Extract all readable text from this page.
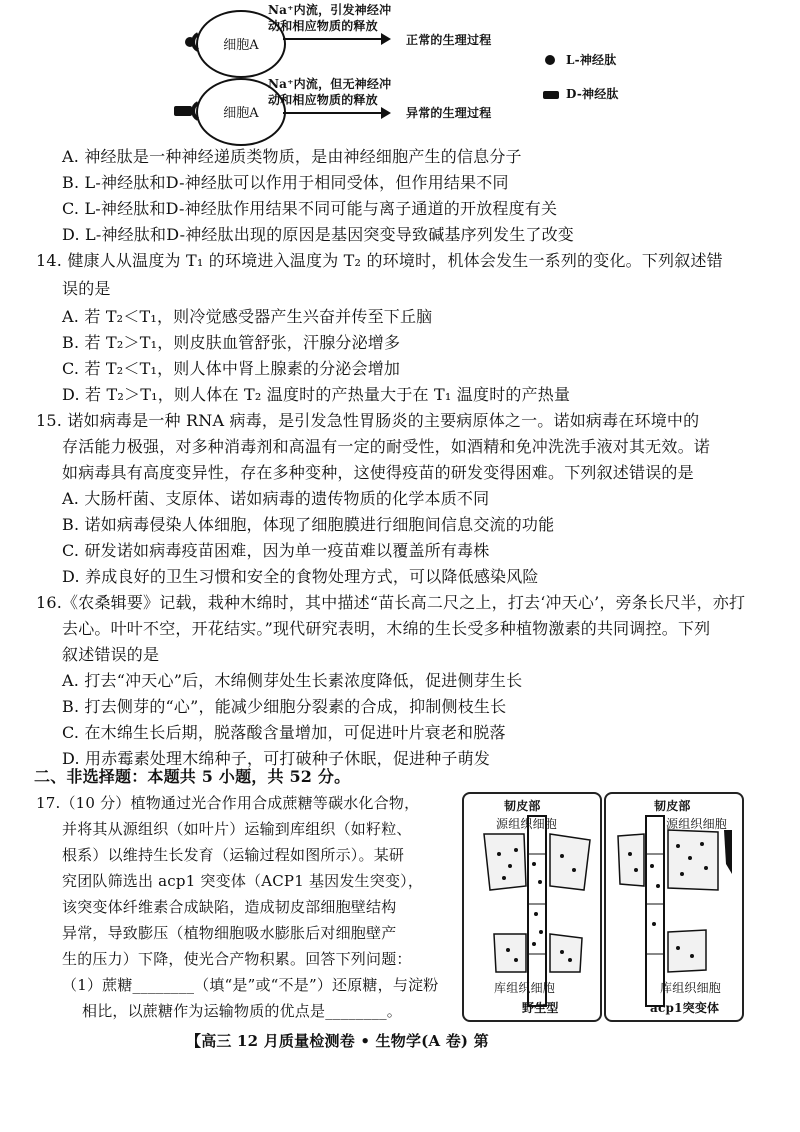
细胞A
Na⁺内流，引发神经冲
动和相应物质的释放
正常的生理过程
细胞A
Na⁺内流，但无神经冲
动和相应物质的释放
异常的生理过程
L-神经肽
D-神经肽
A. 神经肽是一种神经递质类物质，是由神经细胞产生的信息分子
B. L-神经肽和D-神经肽可以作用于相同受体，但作用结果不同
C. L-神经肽和D-神经肽作用结果不同可能与离子通道的开放程度有关
D. L-神经肽和D-神经肽出现的原因是基因突变导致碱基序列发生了改变
14. 健康人从温度为 T₁ 的环境进入温度为 T₂ 的环境时，机体会发生一系列的变化。下列叙述错
误的是
A. 若 T₂＜T₁，则冷觉感受器产生兴奋并传至下丘脑
B. 若 T₂＞T₁，则皮肤血管舒张，汗腺分泌增多
C. 若 T₂＜T₁，则人体中肾上腺素的分泌会增加
D. 若 T₂＞T₁，则人体在 T₂ 温度时的产热量大于在 T₁ 温度时的产热量
15. 诺如病毒是一种 RNA 病毒，是引发急性胃肠炎的主要病原体之一。诺如病毒在环境中的
存活能力极强，对多种消毒剂和高温有一定的耐受性，如酒精和免冲洗洗手液对其无效。诺
如病毒具有高度变异性，存在多种变种，这使得疫苗的研发变得困难。下列叙述错误的是
A. 大肠杆菌、支原体、诺如病毒的遗传物质的化学本质不同
B. 诺如病毒侵染人体细胞，体现了细胞膜进行细胞间信息交流的功能
C. 研发诺如病毒疫苗困难，因为单一疫苗难以覆盖所有毒株
D. 养成良好的卫生习惯和安全的食物处理方式，可以降低感染风险
16.《农桑辑要》记载，栽种木绵时，其中描述“苗长高二尺之上，打去‘冲天心’，旁条长尺半，亦打
去心。叶叶不空，开花结实。”现代研究表明，木绵的生长受多种植物激素的共同调控。下列
叙述错误的是
A. 打去“冲天心”后，木绵侧芽处生长素浓度降低，促进侧芽生长
B. 打去侧芽的“心”，能减少细胞分裂素的合成，抑制侧枝生长
C. 在木绵生长后期，脱落酸含量增加，可促进叶片衰老和脱落
D. 用赤霉素处理木绵种子，可打破种子休眠，促进种子萌发
二、非选择题：本题共 5 小题，共 52 分。
17.（10 分）植物通过光合作用合成蔗糖等碳水化合物，
并将其从源组织（如叶片）运输到库组织（如籽粒、
根系）以维持生长发育（运输过程如图所示）。某研
究团队筛选出 acp1 突变体（ACP1 基因发生突变），
该突变体纤维素合成缺陷，造成韧皮部细胞壁结构
异常，导致膨压（植物细胞吸水膨胀后对细胞壁产
生的压力）下降，使光合产物积累。回答下列问题：
（1）蔗糖________（填“是”或“不是”）还原糖，与淀粉
相比，以蔗糖作为运输物质的优点是________。
韧皮部
源组织细胞
库组织细胞
野生型
韧皮部
源组织细胞
库组织细胞
acp1突变体
【高三 12 月质量检测卷 • 生物学(A 卷) 第
